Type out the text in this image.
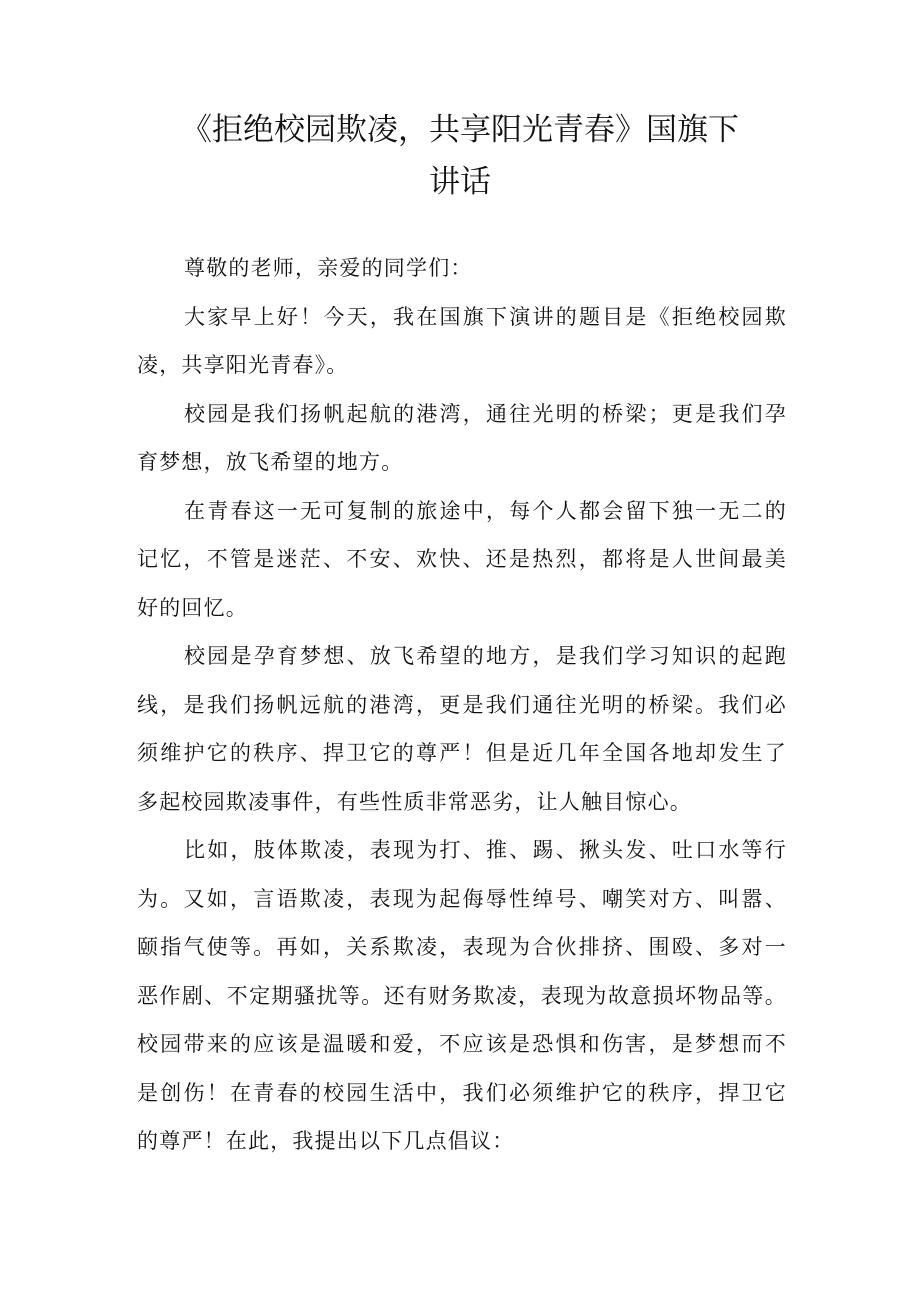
《拒绝校园欺凌，共享阳光青春》国旗下
讲话
尊敬的老师，亲爱的同学们：
大家早上好！今天，我在国旗下演讲的题目是《拒绝校园欺
凌，共享阳光青春》。
校园是我们扬帆起航的港湾，通往光明的桥梁；更是我们孕
育梦想，放飞希望的地方。
在青春这一无可复制的旅途中，每个人都会留下独一无二的
记忆，不管是迷茫、不安、欢快、还是热烈，都将是人世间最美
好的回忆。
校园是孕育梦想、放飞希望的地方，是我们学习知识的起跑
线，是我们扬帆远航的港湾，更是我们通往光明的桥梁。我们必
须维护它的秩序、捍卫它的尊严！但是近几年全国各地却发生了
多起校园欺凌事件，有些性质非常恶劣，让人触目惊心。
比如，肢体欺凌，表现为打、推、踢、揪头发、吐口水等行
为。又如，言语欺凌，表现为起侮辱性绰号、嘲笑对方、叫嚣、
颐指气使等。再如，关系欺凌，表现为合伙排挤、围殴、多对一
恶作剧、不定期骚扰等。还有财务欺凌，表现为故意损坏物品等。
校园带来的应该是温暖和爱，不应该是恐惧和伤害，是梦想而不
是创伤！在青春的校园生活中，我们必须维护它的秩序，捍卫它
的尊严！在此，我提出以下几点倡议：
